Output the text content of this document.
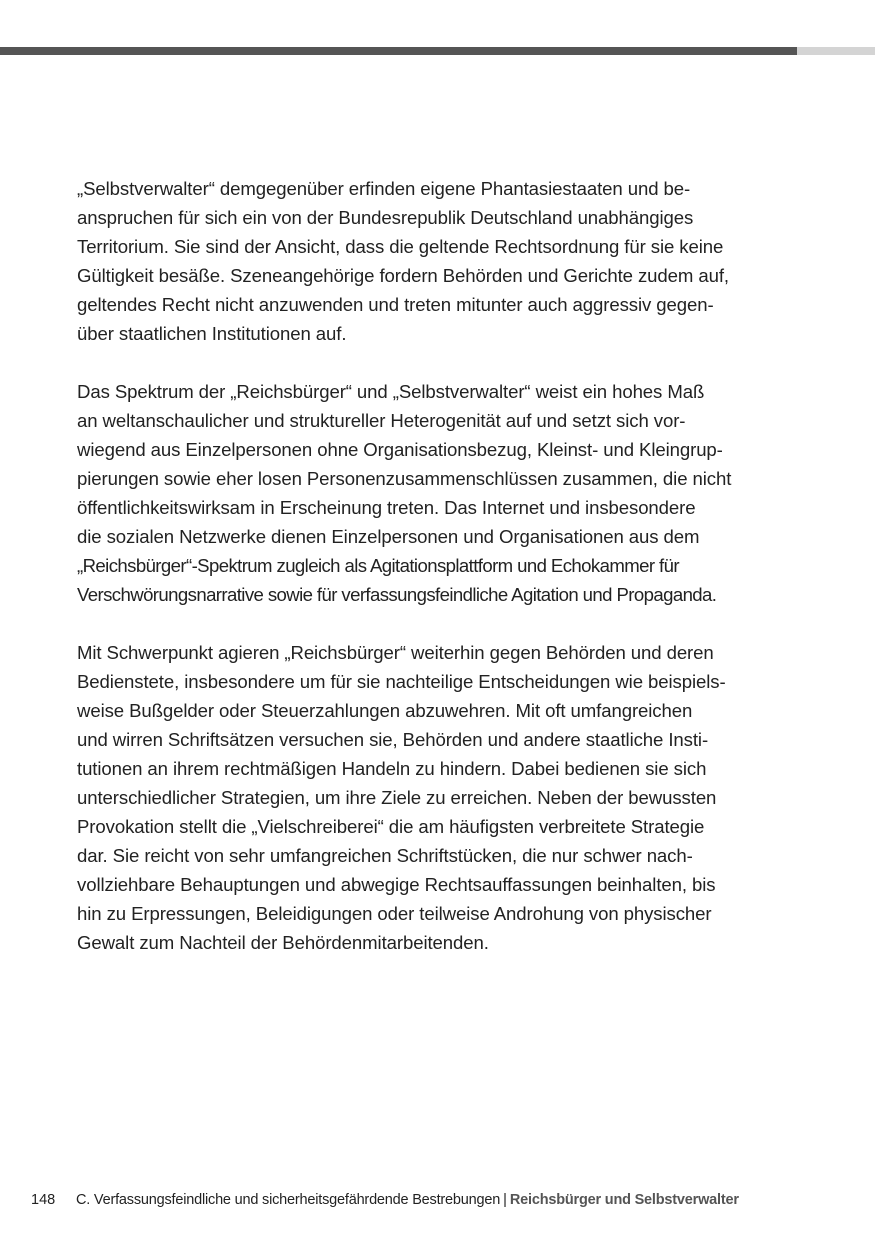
„Selbstverwalter“ demgegenüber erfinden eigene Phantasiestaaten und be-
anspruchen für sich ein von der Bundesrepublik Deutschland unabhängiges
Territorium. Sie sind der Ansicht, dass die geltende Rechtsordnung für sie keine
Gültigkeit besäße. Szeneangehörige fordern Behörden und Gerichte zudem auf,
geltendes Recht nicht anzuwenden und treten mitunter auch aggressiv gegen-
über staatlichen Institutionen auf.

Das Spektrum der „Reichsbürger“ und „Selbstverwalter“ weist ein hohes Maß
an weltanschaulicher und struktureller Heterogenität auf und setzt sich vor-
wiegend aus Einzelpersonen ohne Organisationsbezug, Kleinst- und Kleingrup-
pierungen sowie eher losen Personenzusammenschlüssen zusammen, die nicht
öffentlichkeitswirksam in Erscheinung treten. Das Internet und insbesondere
die sozialen Netzwerke dienen Einzelpersonen und Organisationen aus dem
„Reichsbürger“-Spektrum zugleich als Agitationsplattform und Echokammer für
Verschwörungsnarrative sowie für verfassungsfeindliche Agitation und Propaganda.

Mit Schwerpunkt agieren „Reichsbürger“ weiterhin gegen Behörden und deren
Bedienstete, insbesondere um für sie nachteilige Entscheidungen wie beispiels-
weise Bußgelder oder Steuerzahlungen abzuwehren. Mit oft umfangreichen
und wirren Schriftsätzen versuchen sie, Behörden und andere staatliche Insti-
tutionen an ihrem rechtmäßigen Handeln zu hindern. Dabei bedienen sie sich
unterschiedlicher Strategien, um ihre Ziele zu erreichen. Neben der bewussten
Provokation stellt die „Vielschreiberei“ die am häufigsten verbreitete Strategie
dar. Sie reicht von sehr umfangreichen Schriftstücken, die nur schwer nach-
vollziehbare Behauptungen und abwegige Rechtsauffassungen beinhalten, bis
hin zu Erpressungen, Beleidigungen oder teilweise Androhung von physischer
Gewalt zum Nachteil der Behördenmitarbeitenden.

148 C. Verfassungsfeindliche und sicherheitsgefährdende Bestrebungen | Reichsbürger und Selbstverwalter
